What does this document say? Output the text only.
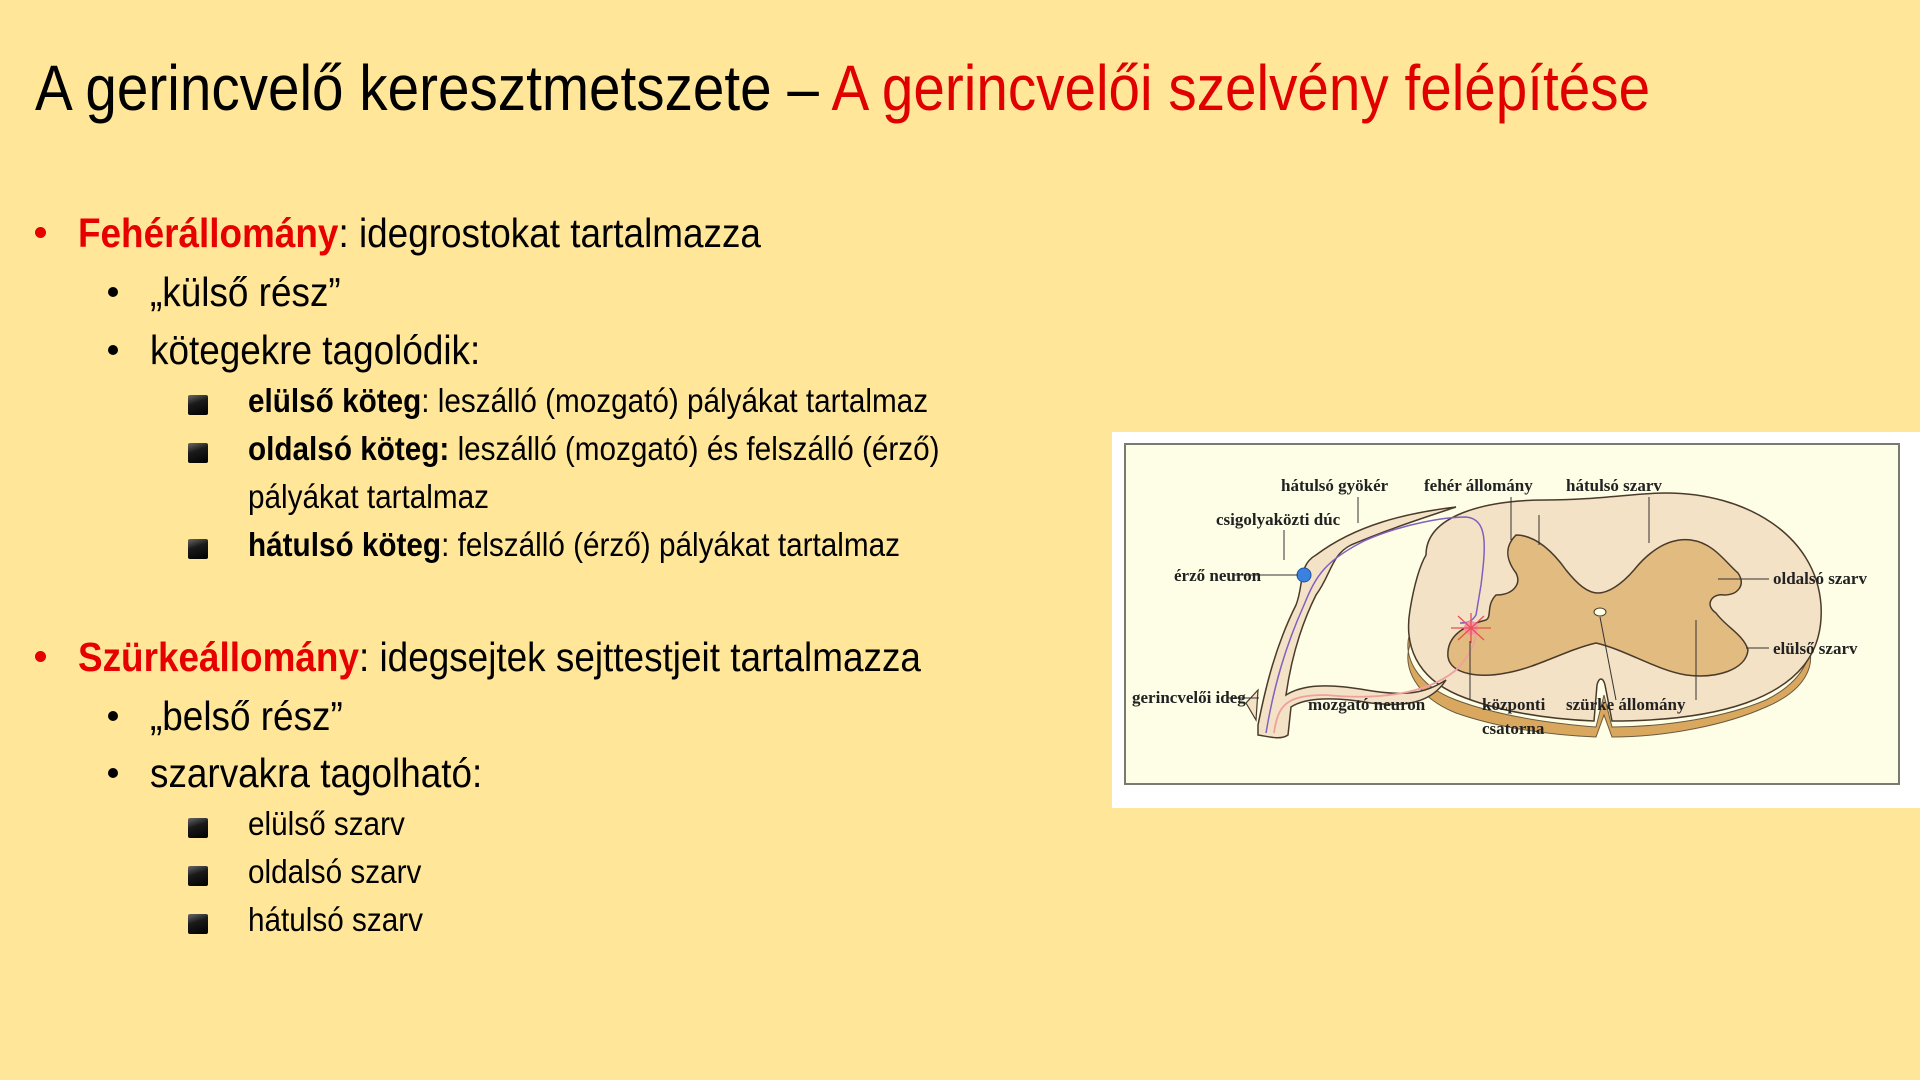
A gerincvelő keresztmetszete – A gerincvelői szelvény felépítése
Fehérállomány: idegrostokat tartalmazza
„külső rész”
kötegekre tagolódik:
elülső köteg: leszálló (mozgató) pályákat tartalmaz
oldalsó köteg: leszálló (mozgató) és felszálló (érző)
pályákat tartalmaz
hátulsó köteg: felszálló (érző) pályákat tartalmaz
Szürkeállomány: idegsejtek sejttestjeit tartalmazza
„belső rész”
szarvakra tagolható:
elülső szarv
oldalsó szarv
hátulsó szarv
hátulsó gyökér fehér állomány hátulsó szarv
csigolyaközti dúc
érző neuron	oldalsó szarv
elülső szarv
gerincvelői ideg	mozgató neuron	központi
csatorna
szürke állomány
